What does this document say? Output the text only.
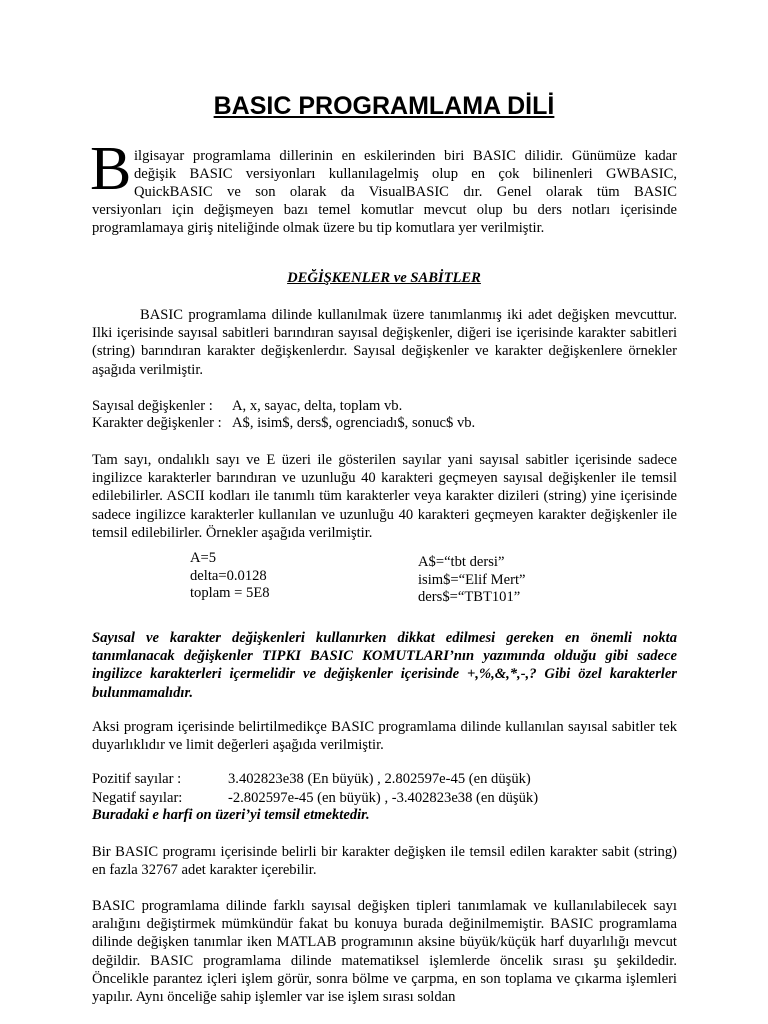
BASIC PROGRAMLAMA DİLİ
B ilgisayar programlama dillerinin en eskilerinden biri BASIC dilidir. Günümüze kadar
değişik BASIC versiyonları kullanılagelmiş olup en çok bilinenleri GWBASIC,
QuickBASIC ve son olarak da VisualBASIC dır. Genel olarak tüm BASIC
versiyonları için değişmeyen bazı temel komutlar mevcut olup bu ders notları içerisinde programlamaya giriş niteliğinde olmak üzere bu tip komutlara yer verilmiştir.
DEĞİŞKENLER ve SABİTLER
BASIC programlama dilinde kullanılmak üzere tanımlanmış iki adet değişken mevcuttur. Ilki içerisinde sayısal sabitleri barındıran sayısal değişkenler, diğeri ise içerisinde karakter sabitleri (string) barındıran karakter değişkenlerdır. Sayısal değişkenler ve karakter değişkenlere örnekler aşağıda verilmiştir.
Sayısal değişkenler : A, x, sayac, delta, toplam vb.
Karakter değişkenler : A$, isim$, ders$, ogrenciadı$, sonuc$ vb.
Tam sayı, ondalıklı sayı ve E üzeri ile gösterilen sayılar yani sayısal sabitler içerisinde sadece ingilizce karakterler barındıran ve uzunluğu 40 karakteri geçmeyen sayısal değişkenler ile temsil edilebilirler. ASCII kodları ile tanımlı tüm karakterler veya karakter dizileri (string) yine içerisinde sadece ingilizce karakterler kullanılan ve uzunluğu 40 karakteri geçmeyen karakter değişkenler ile temsil edilebilirler. Örnekler aşağıda verilmiştir.
A=5
delta=0.0128
toplam = 5E8
A$=“tbt dersi”
isim$=“Elif Mert”
ders$=“TBT101”
Sayısal ve karakter değişkenleri kullanırken dikkat edilmesi gereken en önemli nokta tanımlanacak değişkenler TIPKI BASIC KOMUTLARI’nın yazımında olduğu gibi sadece ingilizce karakterleri içermelidir ve değişkenler içerisinde +,%,&,*,-,? Gibi özel karakterler bulunmamalıdır.
Aksi program içerisinde belirtilmedikçe BASIC programlama dilinde kullanılan sayısal sabitler tek duyarlıklıdır ve limit değerleri aşağıda verilmiştir.
Pozitif sayılar :	3.402823e38 (En büyük) , 2.802597e-45 (en düşük)
Negatif sayılar:	-2.802597e-45 (en büyük) , -3.402823e38 (en düşük)
Buradaki e harfi on üzeri’yi temsil etmektedir.
Bir BASIC programı içerisinde belirli bir karakter değişken ile temsil edilen karakter sabit (string) en fazla 32767 adet karakter içerebilir.
BASIC programlama dilinde farklı sayısal değişken tipleri tanımlamak ve kullanılabilecek sayı aralığını değiştirmek mümkündür fakat bu konuya burada değinilmemiştir. BASIC programlama dilinde değişken tanımlar iken MATLAB programının aksine büyük/küçük harf duyarlılığı mevcut değildir. BASIC programlama dilinde matematiksel işlemlerde öncelik sırası şu şekildedir. Öncelikle parantez içleri işlem görür, sonra bölme ve çarpma, en son toplama ve çıkarma işlemleri yapılır. Aynı önceliğe sahip işlemler var ise işlem sırası soldan
